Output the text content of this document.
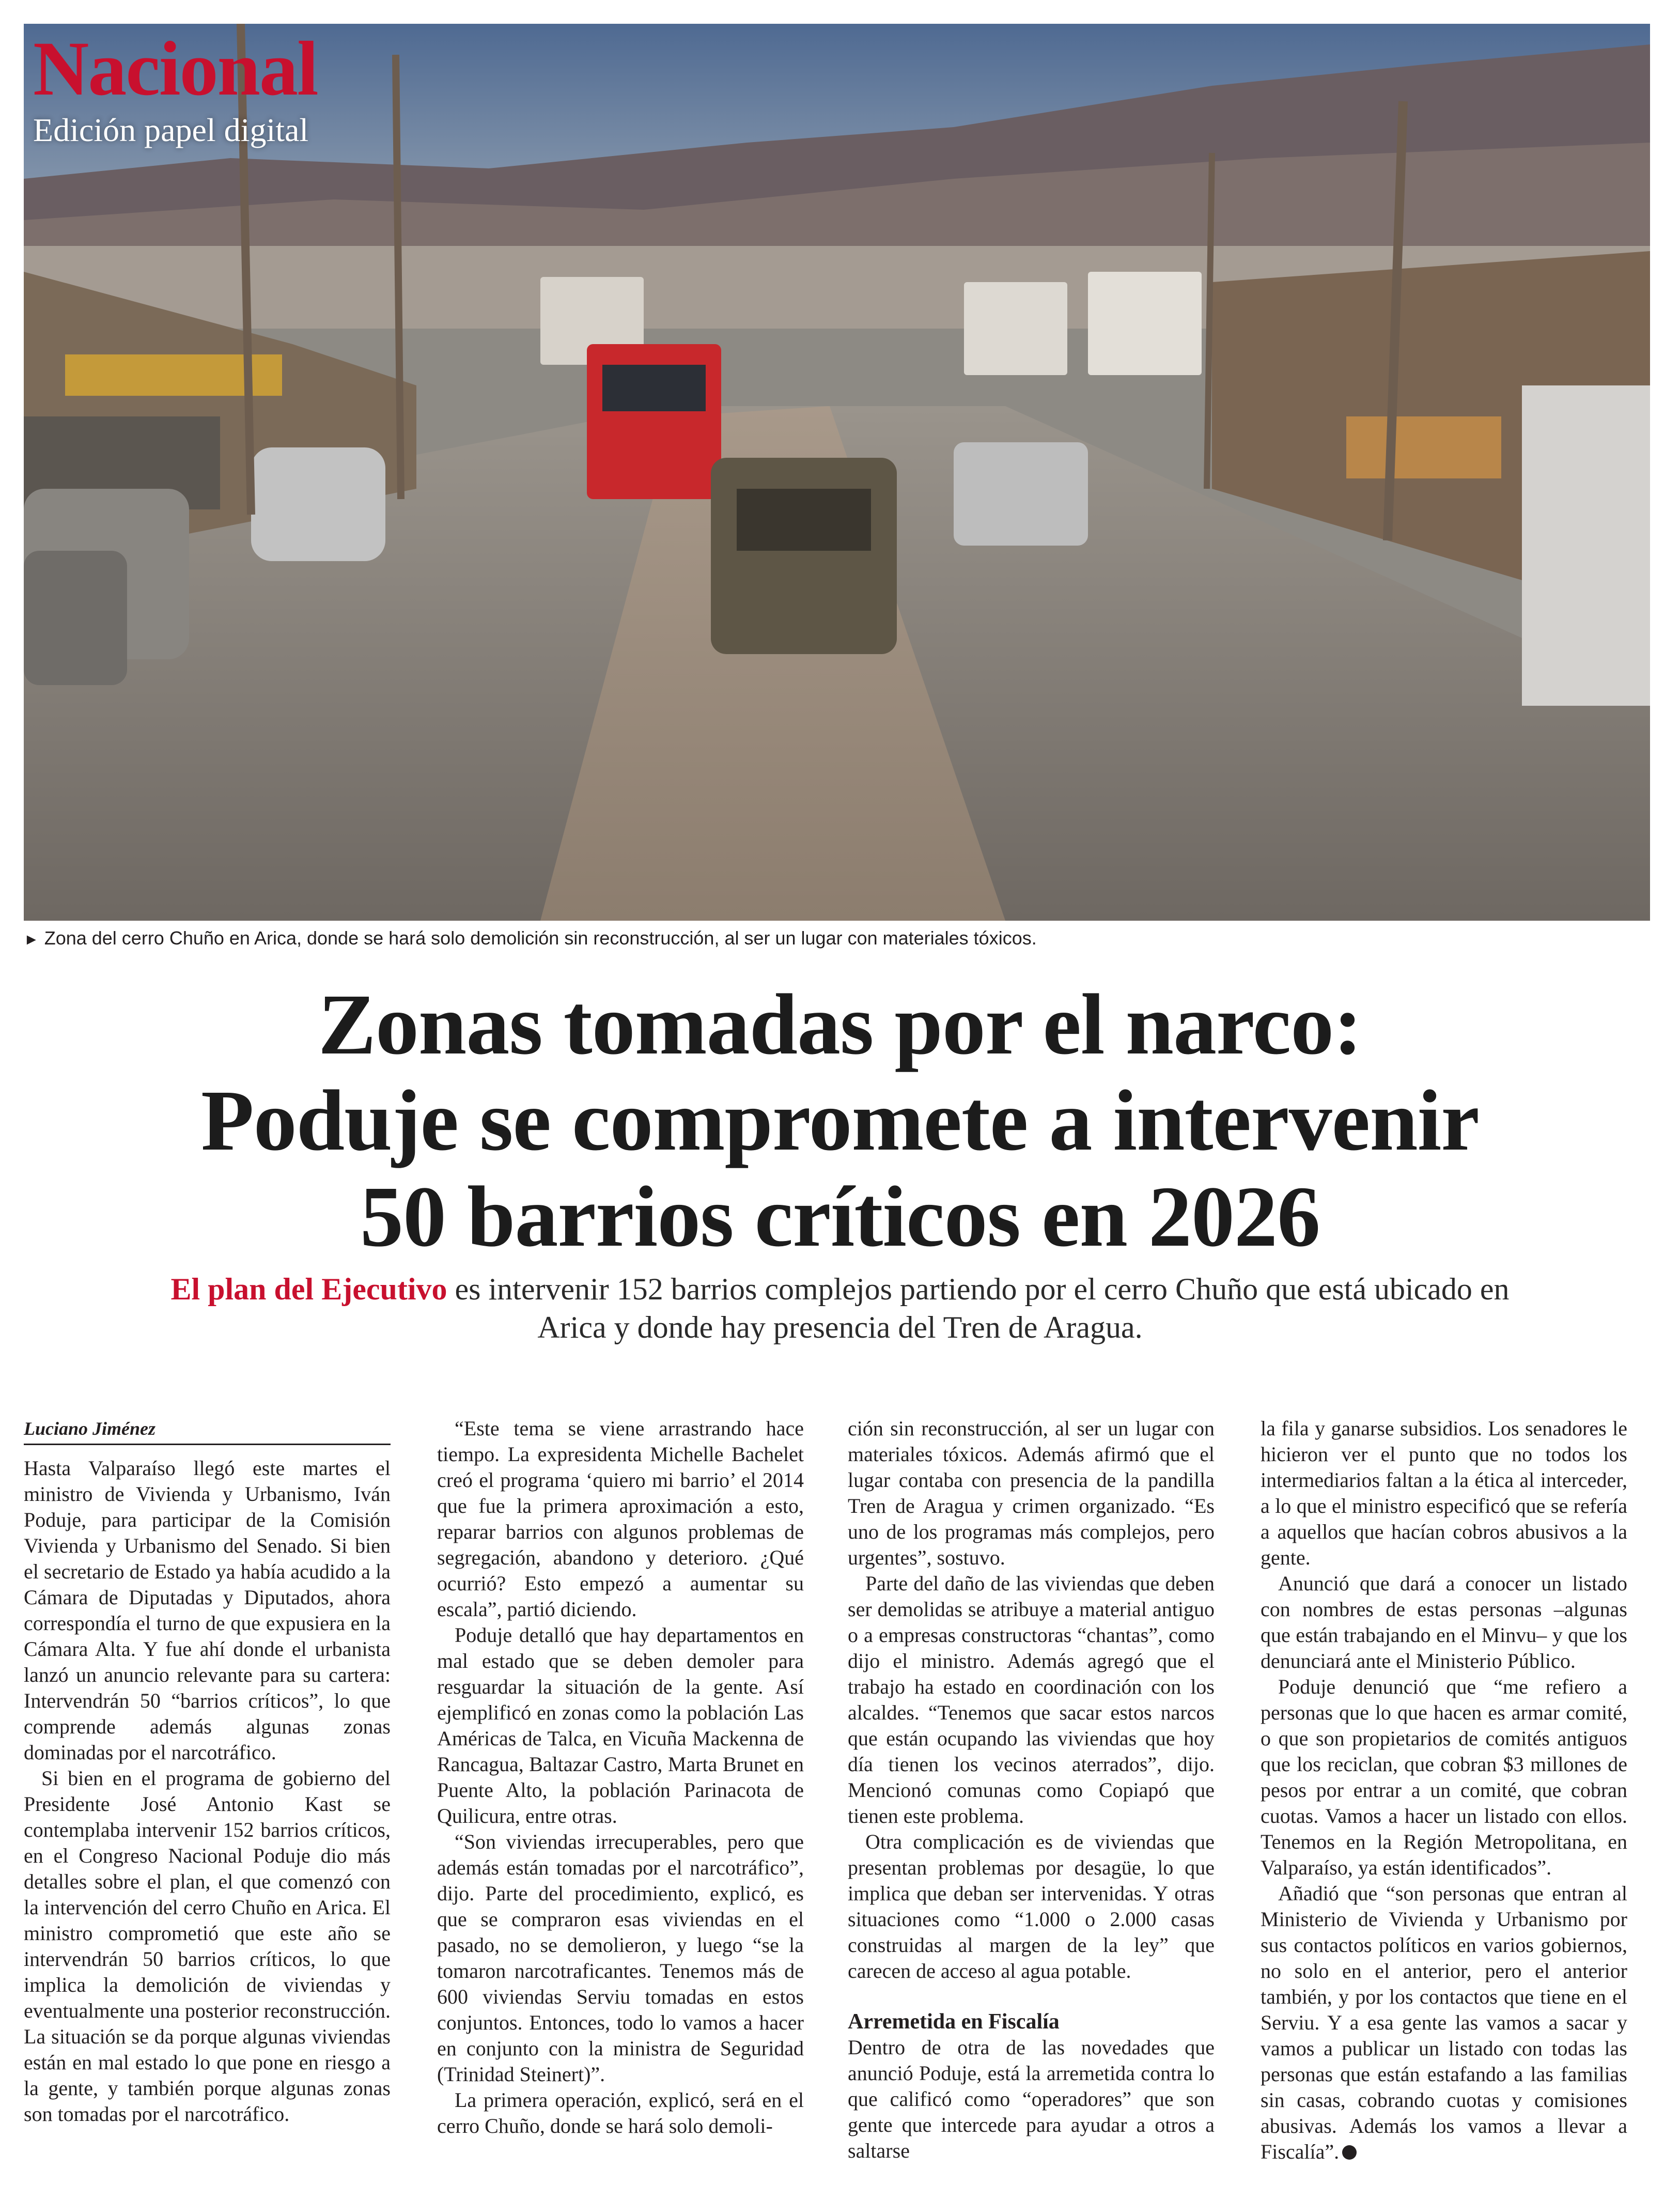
Nacional
Edición papel digital
► Zona del cerro Chuño en Arica, donde se hará solo demolición sin reconstrucción, al ser un lugar con materiales tóxicos.
Zonas tomadas por el narco:
Poduje se compromete a intervenir
50 barrios críticos en 2026
El plan del Ejecutivo es intervenir 152 barrios complejos partiendo por el cerro Chuño que está ubicado en Arica y donde hay presencia del Tren de Aragua.
Luciano Jiménez

Hasta Valparaíso llegó este martes el ministro de Vivienda y Urbanismo, Iván Poduje, para participar de la Comisión Vivienda y Urbanismo del Senado. Si bien el secretario de Estado ya había acudido a la Cámara de Diputadas y Diputados, ahora correspondía el turno de que expusiera en la Cámara Alta. Y fue ahí donde el urbanista lanzó un anuncio relevante para su cartera: Intervendrán 50 “barrios críticos”, lo que comprende además algunas zonas dominadas por el narcotráfico.

Si bien en el programa de gobierno del Presidente José Antonio Kast se contemplaba intervenir 152 barrios críticos, en el Congreso Nacional Poduje dio más detalles sobre el plan, el que comenzó con la intervención del cerro Chuño en Arica. El ministro comprometió que este año se intervendrán 50 barrios críticos, lo que implica la demolición de viviendas y eventualmente una posterior reconstrucción. La situación se da porque algunas viviendas están en mal estado lo que pone en riesgo a la gente, y también porque algunas zonas son tomadas por el narcotráfico.

“Este tema se viene arrastrando hace tiempo. La expresidenta Michelle Bachelet creó el programa ‘quiero mi barrio’ el 2014 que fue la primera aproximación a esto, reparar barrios con algunos problemas de segregación, abandono y deterioro. ¿Qué ocurrió? Esto empezó a aumentar su escala”, partió diciendo.

Poduje detalló que hay departamentos en mal estado que se deben demoler para resguardar la situación de la gente. Así ejemplificó en zonas como la población Las Américas de Talca, en Vicuña Mackenna de Rancagua, Baltazar Castro, Marta Brunet en Puente Alto, la población Parinacota de Quilicura, entre otras.

“Son viviendas irrecuperables, pero que además están tomadas por el narcotráfico”, dijo. Parte del procedimiento, explicó, es que se compraron esas viviendas en el pasado, no se demolieron, y luego “se la tomaron narcotraficantes. Tenemos más de 600 viviendas Serviu tomadas en estos conjuntos. Entonces, todo lo vamos a hacer en conjunto con la ministra de Seguridad (Trinidad Steinert)”.

La primera operación, explicó, será en el cerro Chuño, donde se hará solo demoli-

ción sin reconstrucción, al ser un lugar con materiales tóxicos. Además afirmó que el lugar contaba con presencia de la pandilla Tren de Aragua y crimen organizado. “Es uno de los programas más complejos, pero urgentes”, sostuvo.

Parte del daño de las viviendas que deben ser demolidas se atribuye a material antiguo o a empresas constructoras “chantas”, como dijo el ministro. Además agregó que el trabajo ha estado en coordinación con los alcaldes. “Tenemos que sacar estos narcos que están ocupando las viviendas que hoy día tienen los vecinos aterrados”, dijo. Mencionó comunas como Copiapó que tienen este problema.

Otra complicación es de viviendas que presentan problemas por desagüe, lo que implica que deban ser intervenidas. Y otras situaciones como “1.000 o 2.000 casas construidas al margen de la ley” que carecen de acceso al agua potable.

Arremetida en Fiscalía

Dentro de otra de las novedades que anunció Poduje, está la arremetida contra lo que calificó como “operadores” que son gente que intercede para ayudar a otros a saltarse

la fila y ganarse subsidios. Los senadores le hicieron ver el punto que no todos los intermediarios faltan a la ética al interceder, a lo que el ministro especificó que se refería a aquellos que hacían cobros abusivos a la gente.

Anunció que dará a conocer un listado con nombres de estas personas –algunas que están trabajando en el Minvu– y que los denunciará ante el Ministerio Público.

Poduje denunció que “me refiero a personas que lo que hacen es armar comité, o que son propietarios de comités antiguos que los reciclan, que cobran $3 millones de pesos por entrar a un comité, que cobran cuotas. Vamos a hacer un listado con ellos. Tenemos en la Región Metropolitana, en Valparaíso, ya están identificados”.

Añadió que “son personas que entran al Ministerio de Vivienda y Urbanismo por sus contactos políticos en varios gobiernos, no solo en el anterior, pero el anterior también, y por los contactos que tiene en el Serviu. Y a esa gente las vamos a sacar y vamos a publicar un listado con todas las personas que están estafando a las familias sin casas, cobrando cuotas y comisiones abusivas. Además los vamos a llevar a Fiscalía”.
